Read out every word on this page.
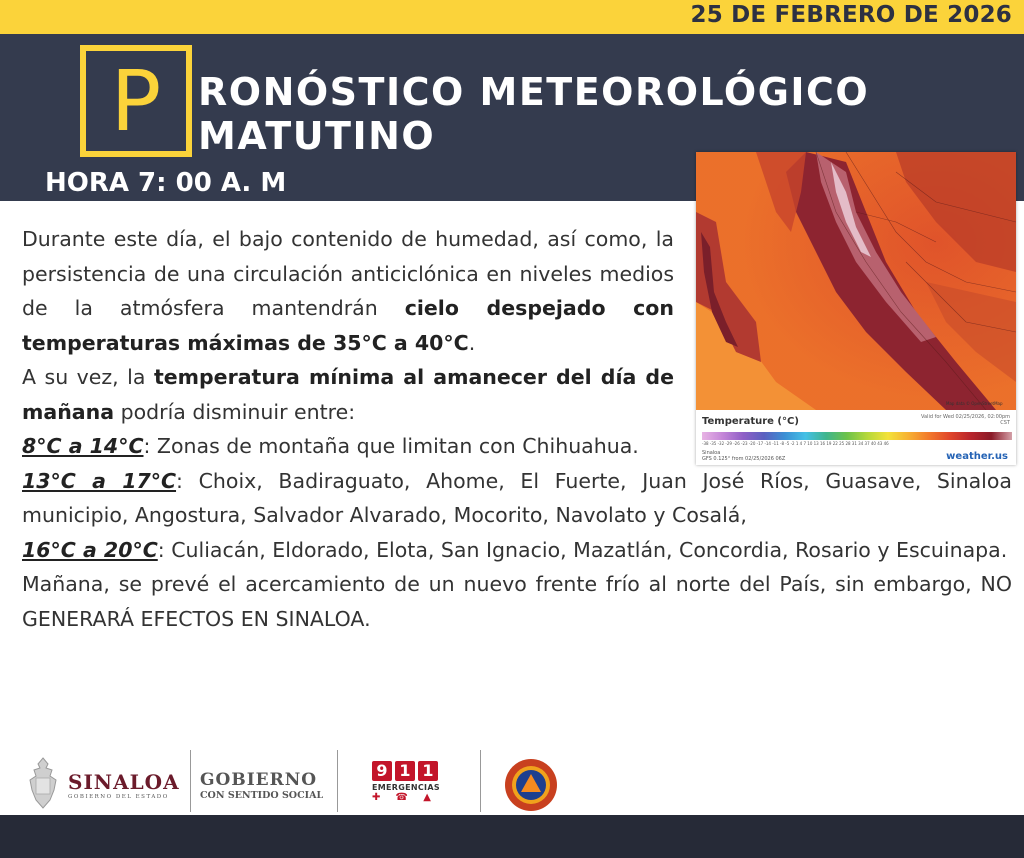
25 DE FEBRERO DE 2026
P RONÓSTICO METEOROLÓGICO
MATUTINO
HORA 7: 00 A. M
Map data © OpenStreetMap
Temperature (°C)	Valid for Wed 02/25/2026, 02:00pm CST
-38 -35 -32 -29 -26 -23 -20 -17 -14 -11 -8 -5 -2 1 4 7 10 13 16 19 22 25 28 31 34 37 40 43 46
Sinaloa
GFS 0.125° from 02/25/2026 06Z	weather.us
Durante este día, el bajo contenido de humedad, así como, la persistencia de una circulación anticiclónica en niveles medios de la atmósfera mantendrán cielo despejado con temperaturas máximas de 35°C a 40°C.
A su vez, la temperatura mínima al amanecer del día de mañana podría disminuir entre:
8°C a 14°C: Zonas de montaña que limitan con Chihuahua.
13°C a 17°C: Choix, Badiraguato, Ahome, El Fuerte, Juan José Ríos, Guasave, Sinaloa municipio, Angostura, Salvador Alvarado, Mocorito, Navolato y Cosalá,
16°C a 20°C: Culiacán, Eldorado, Elota, San Ignacio, Mazatlán, Concordia, Rosario y Escuinapa.
Mañana, se prevé el acercamiento de un nuevo frente frío al norte del País, sin embargo, NO GENERARÁ EFECTOS EN SINALOA.
SINALOA
GOBIERNO DEL ESTADO
GOBIERNO
CON SENTIDO SOCIAL
9 1 1
EMERGENCIAS
✚ ☎ ▲
